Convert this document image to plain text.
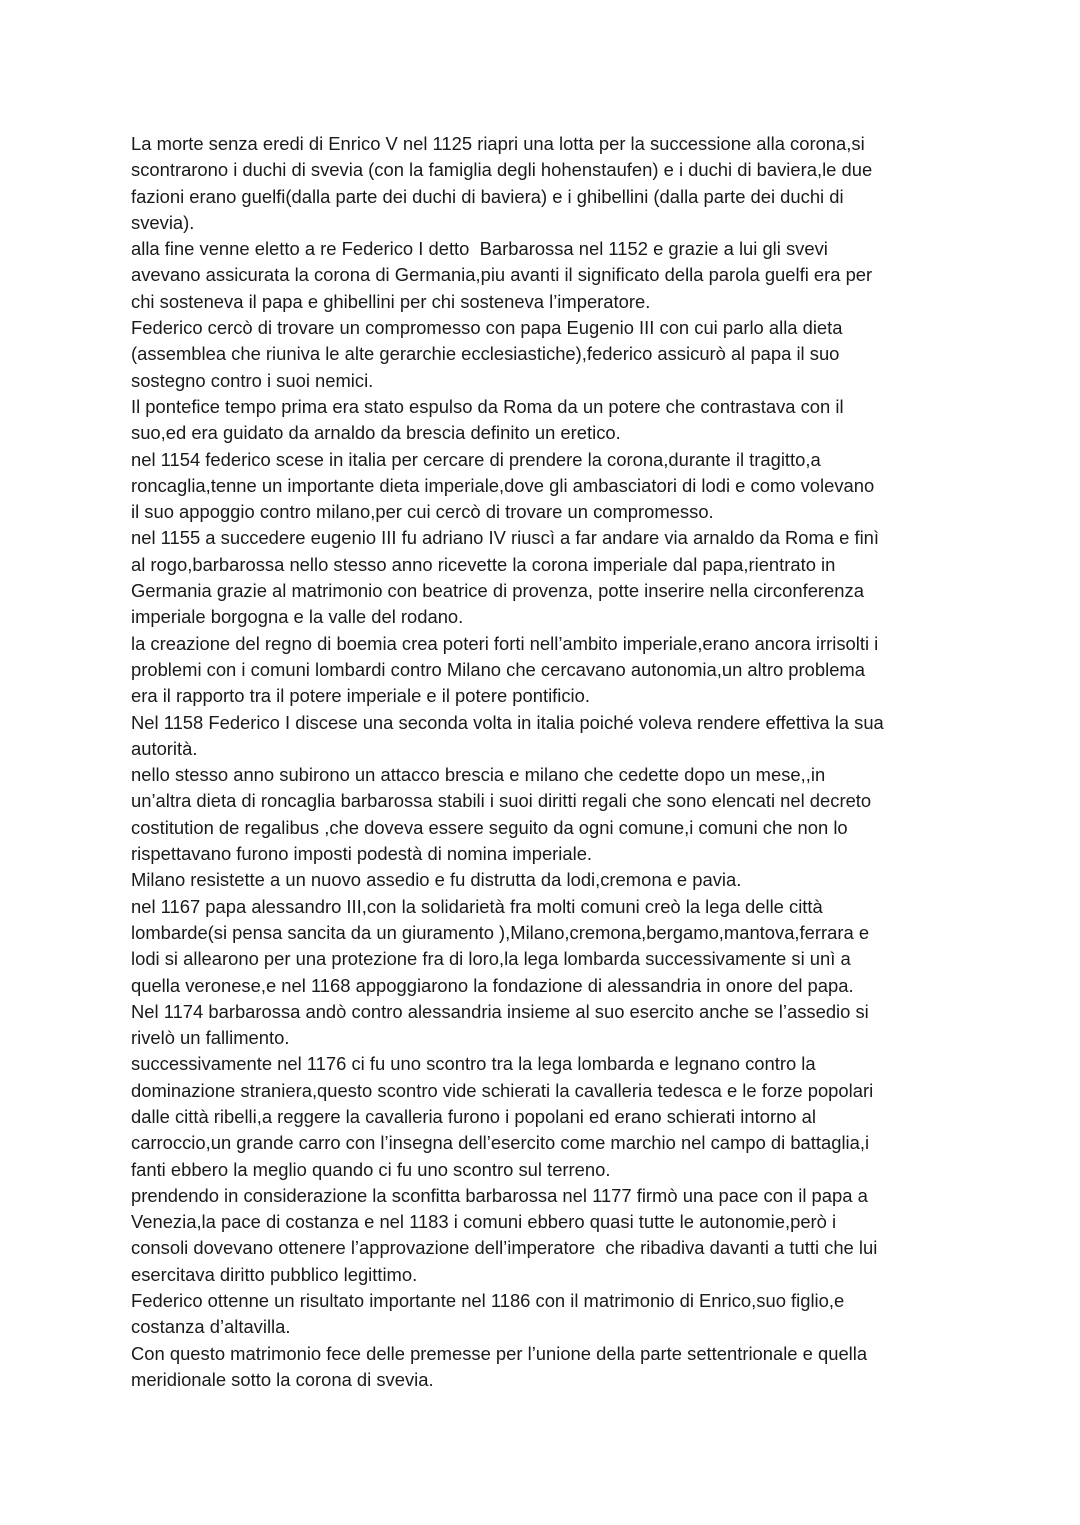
La morte senza eredi di Enrico V nel 1125 riapri una lotta per la successione alla corona,si
scontrarono i duchi di svevia (con la famiglia degli hohenstaufen) e i duchi di baviera,le due
fazioni erano guelfi(dalla parte dei duchi di baviera) e i ghibellini (dalla parte dei duchi di
svevia).

alla fine venne eletto a re Federico I detto  Barbarossa nel 1152 e grazie a lui gli svevi
avevano assicurata la corona di Germania,piu avanti il significato della parola guelfi era per
chi sosteneva il papa e ghibellini per chi sosteneva l’imperatore.

Federico cercò di trovare un compromesso con papa Eugenio III con cui parlo alla dieta
(assemblea che riuniva le alte gerarchie ecclesiastiche),federico assicurò al papa il suo
sostegno contro i suoi nemici.

Il pontefice tempo prima era stato espulso da Roma da un potere che contrastava con il
suo,ed era guidato da arnaldo da brescia definito un eretico.

nel 1154 federico scese in italia per cercare di prendere la corona,durante il tragitto,a
roncaglia,tenne un importante dieta imperiale,dove gli ambasciatori di lodi e como volevano
il suo appoggio contro milano,per cui cercò di trovare un compromesso.

nel 1155 a succedere eugenio III fu adriano IV riuscì a far andare via arnaldo da Roma e finì
al rogo,barbarossa nello stesso anno ricevette la corona imperiale dal papa,rientrato in
Germania grazie al matrimonio con beatrice di provenza, potte inserire nella circonferenza
imperiale borgogna e la valle del rodano.

la creazione del regno di boemia crea poteri forti nell’ambito imperiale,erano ancora irrisolti i
problemi con i comuni lombardi contro Milano che cercavano autonomia,un altro problema
era il rapporto tra il potere imperiale e il potere pontificio.

Nel 1158 Federico I discese una seconda volta in italia poiché voleva rendere effettiva la sua
autorità.

nello stesso anno subirono un attacco brescia e milano che cedette dopo un mese,,in
un’altra dieta di roncaglia barbarossa stabili i suoi diritti regali che sono elencati nel decreto
costitution de regalibus ,che doveva essere seguito da ogni comune,i comuni che non lo
rispettavano furono imposti podestà di nomina imperiale.

Milano resistette a un nuovo assedio e fu distrutta da lodi,cremona e pavia.

nel 1167 papa alessandro III,con la solidarietà fra molti comuni creò la lega delle città
lombarde(si pensa sancita da un giuramento ),Milano,cremona,bergamo,mantova,ferrara e
lodi si allearono per una protezione fra di loro,la lega lombarda successivamente si unì a
quella veronese,e nel 1168 appoggiarono la fondazione di alessandria in onore del papa.

Nel 1174 barbarossa andò contro alessandria insieme al suo esercito anche se l’assedio si
rivelò un fallimento.

successivamente nel 1176 ci fu uno scontro tra la lega lombarda e legnano contro la
dominazione straniera,questo scontro vide schierati la cavalleria tedesca e le forze popolari
dalle città ribelli,a reggere la cavalleria furono i popolani ed erano schierati intorno al
carroccio,un grande carro con l’insegna dell’esercito come marchio nel campo di battaglia,i
fanti ebbero la meglio quando ci fu uno scontro sul terreno.

prendendo in considerazione la sconfitta barbarossa nel 1177 firmò una pace con il papa a
Venezia,la pace di costanza e nel 1183 i comuni ebbero quasi tutte le autonomie,però i
consoli dovevano ottenere l’approvazione dell’imperatore  che ribadiva davanti a tutti che lui
esercitava diritto pubblico legittimo.

Federico ottenne un risultato importante nel 1186 con il matrimonio di Enrico,suo figlio,e
costanza d’altavilla.

Con questo matrimonio fece delle premesse per l’unione della parte settentrionale e quella
meridionale sotto la corona di svevia.
